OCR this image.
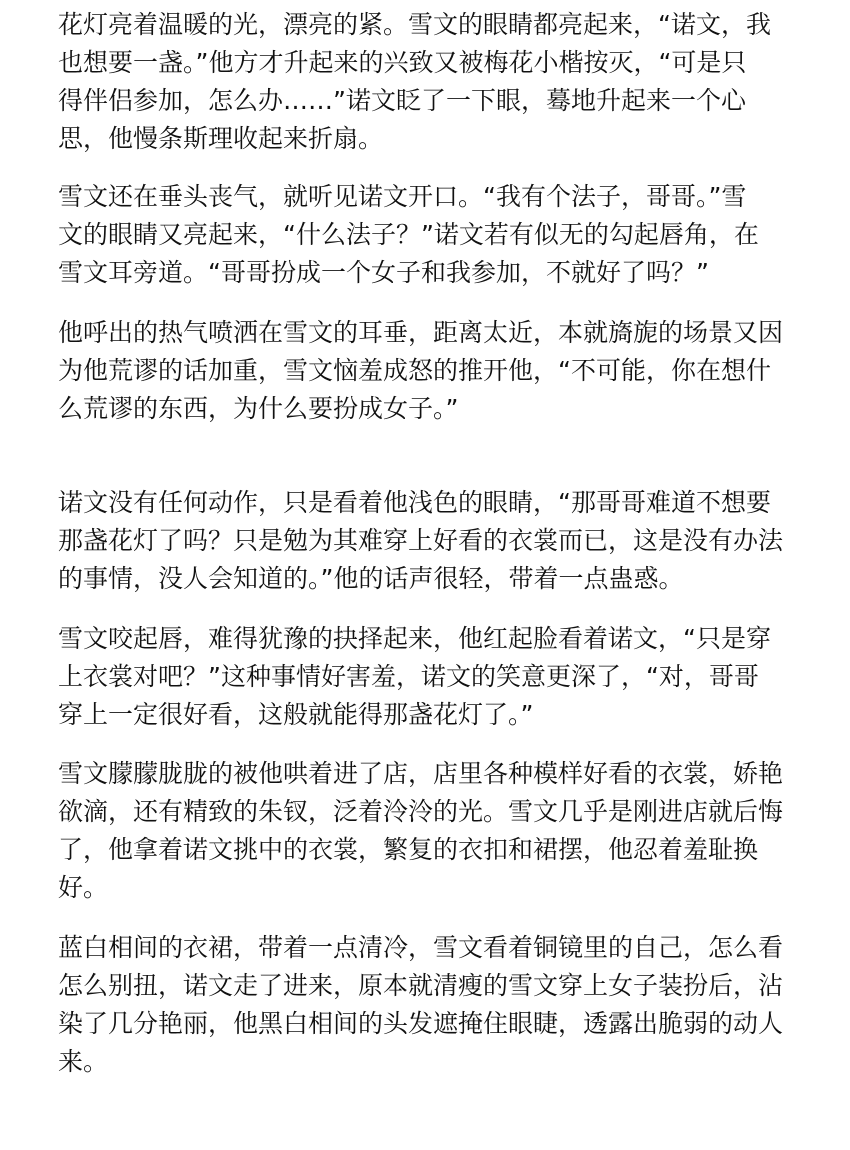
花灯亮着温暖的光，漂亮的紧。雪文的眼睛都亮起来，“诺文，我
也想要一盏。”他方才升起来的兴致又被梅花小楷按灭，“可是只
得伴侣参加，怎么办……”诺文眨了一下眼，蓦地升起来一个心
思，他慢条斯理收起来折扇。

雪文还在垂头丧气，就听见诺文开口。“我有个法子，哥哥。”雪
文的眼睛又亮起来，“什么法子？”诺文若有似无的勾起唇角，在
雪文耳旁道。“哥哥扮成一个女子和我参加，不就好了吗？”

他呼出的热气喷洒在雪文的耳垂，距离太近，本就旖旎的场景又因
为他荒谬的话加重，雪文恼羞成怒的推开他，“不可能，你在想什
么荒谬的东西，为什么要扮成女子。”

诺文没有任何动作，只是看着他浅色的眼睛，“那哥哥难道不想要
那盏花灯了吗？只是勉为其难穿上好看的衣裳而已，这是没有办法
的事情，没人会知道的。”他的话声很轻，带着一点蛊惑。

雪文咬起唇，难得犹豫的抉择起来，他红起脸看着诺文，“只是穿
上衣裳对吧？”这种事情好害羞，诺文的笑意更深了，“对，哥哥
穿上一定很好看，这般就能得那盏花灯了。”

雪文朦朦胧胧的被他哄着进了店，店里各种模样好看的衣裳，娇艳
欲滴，还有精致的朱钗，泛着泠泠的光。雪文几乎是刚进店就后悔
了，他拿着诺文挑中的衣裳，繁复的衣扣和裙摆，他忍着羞耻换
好。

蓝白相间的衣裙，带着一点清冷，雪文看着铜镜里的自己，怎么看
怎么别扭，诺文走了进来，原本就清瘦的雪文穿上女子装扮后，沾
染了几分艳丽，他黑白相间的头发遮掩住眼睫，透露出脆弱的动人
来。
